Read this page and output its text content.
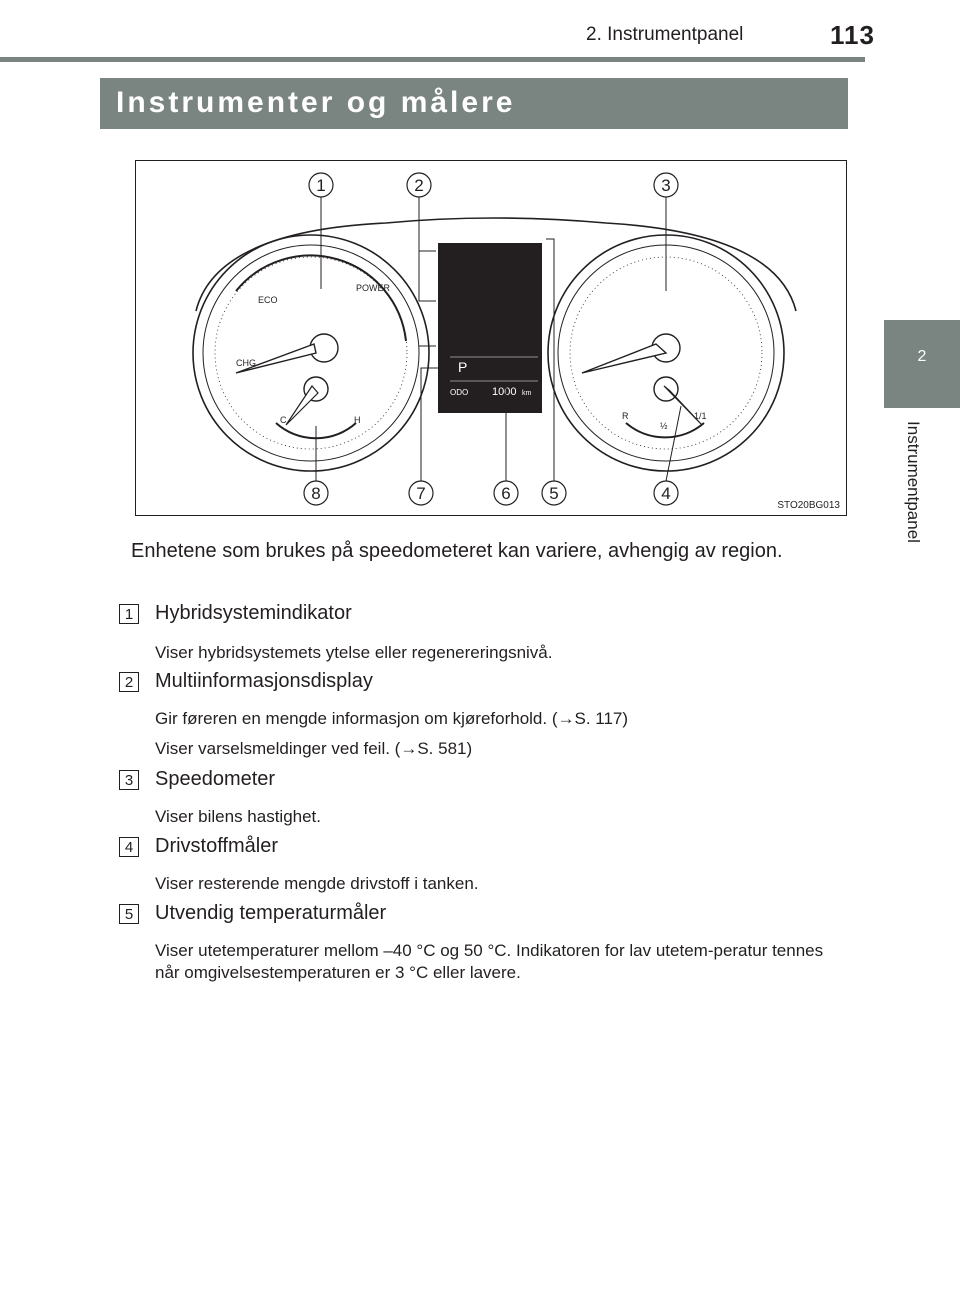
2. Instrumentpanel	113
2
Instrumentpanel
Instrumenter og målere
20
P
ODO 1000 km
ECO
POWER
CHG
C	H	R
½
1/1
1	2	3
4
5
6
7
8
STO20BG013
Enhetene som brukes på speedometeret kan variere, avhengig av region.
1 Hybridsystemindikator
Viser hybridsystemets ytelse eller regenereringsnivå.
2 Multiinformasjonsdisplay
Gir føreren en mengde informasjon om kjøreforhold. (→S. 117)
Viser varselsmeldinger ved feil. (→S. 581)
3 Speedometer
Viser bilens hastighet.
4 Drivstoffmåler
Viser resterende mengde drivstoff i tanken.
5 Utvendig temperaturmåler
Viser utetemperaturer mellom –40 °C og 50 °C. Indikatoren for lav utetem-peratur tennes når omgivelsestemperaturen er 3 °C eller lavere.
